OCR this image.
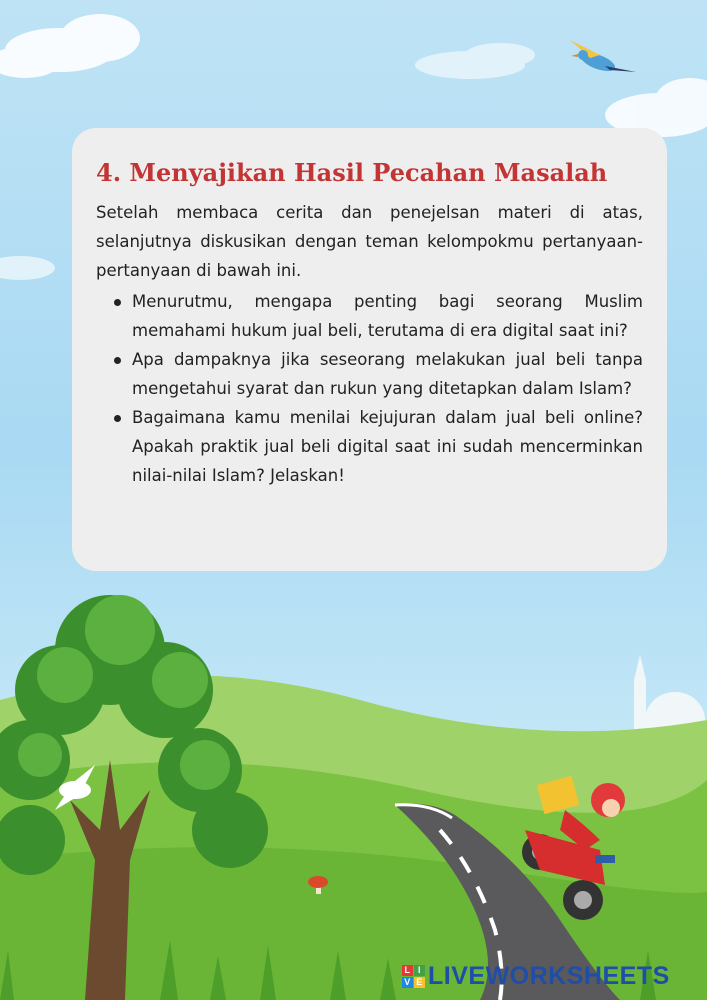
4. Menyajikan Hasil Pecahan Masalah

Setelah membaca cerita dan penejelsan materi di atas, selanjutnya diskusikan dengan teman kelompokmu pertanyaan-pertanyaan di bawah ini.

Menurutmu, mengapa penting bagi seorang Muslim memahami hukum jual beli, terutama di era digital saat ini?
Apa dampaknya jika seseorang melakukan jual beli tanpa mengetahui syarat dan rukun yang ditetapkan dalam Islam?
Bagaimana kamu menilai kejujuran dalam jual beli online? Apakah praktik jual beli digital saat ini sudah mencerminkan nilai-nilai Islam? Jelaskan!
L I
V E LIVEWORKSHEETS
